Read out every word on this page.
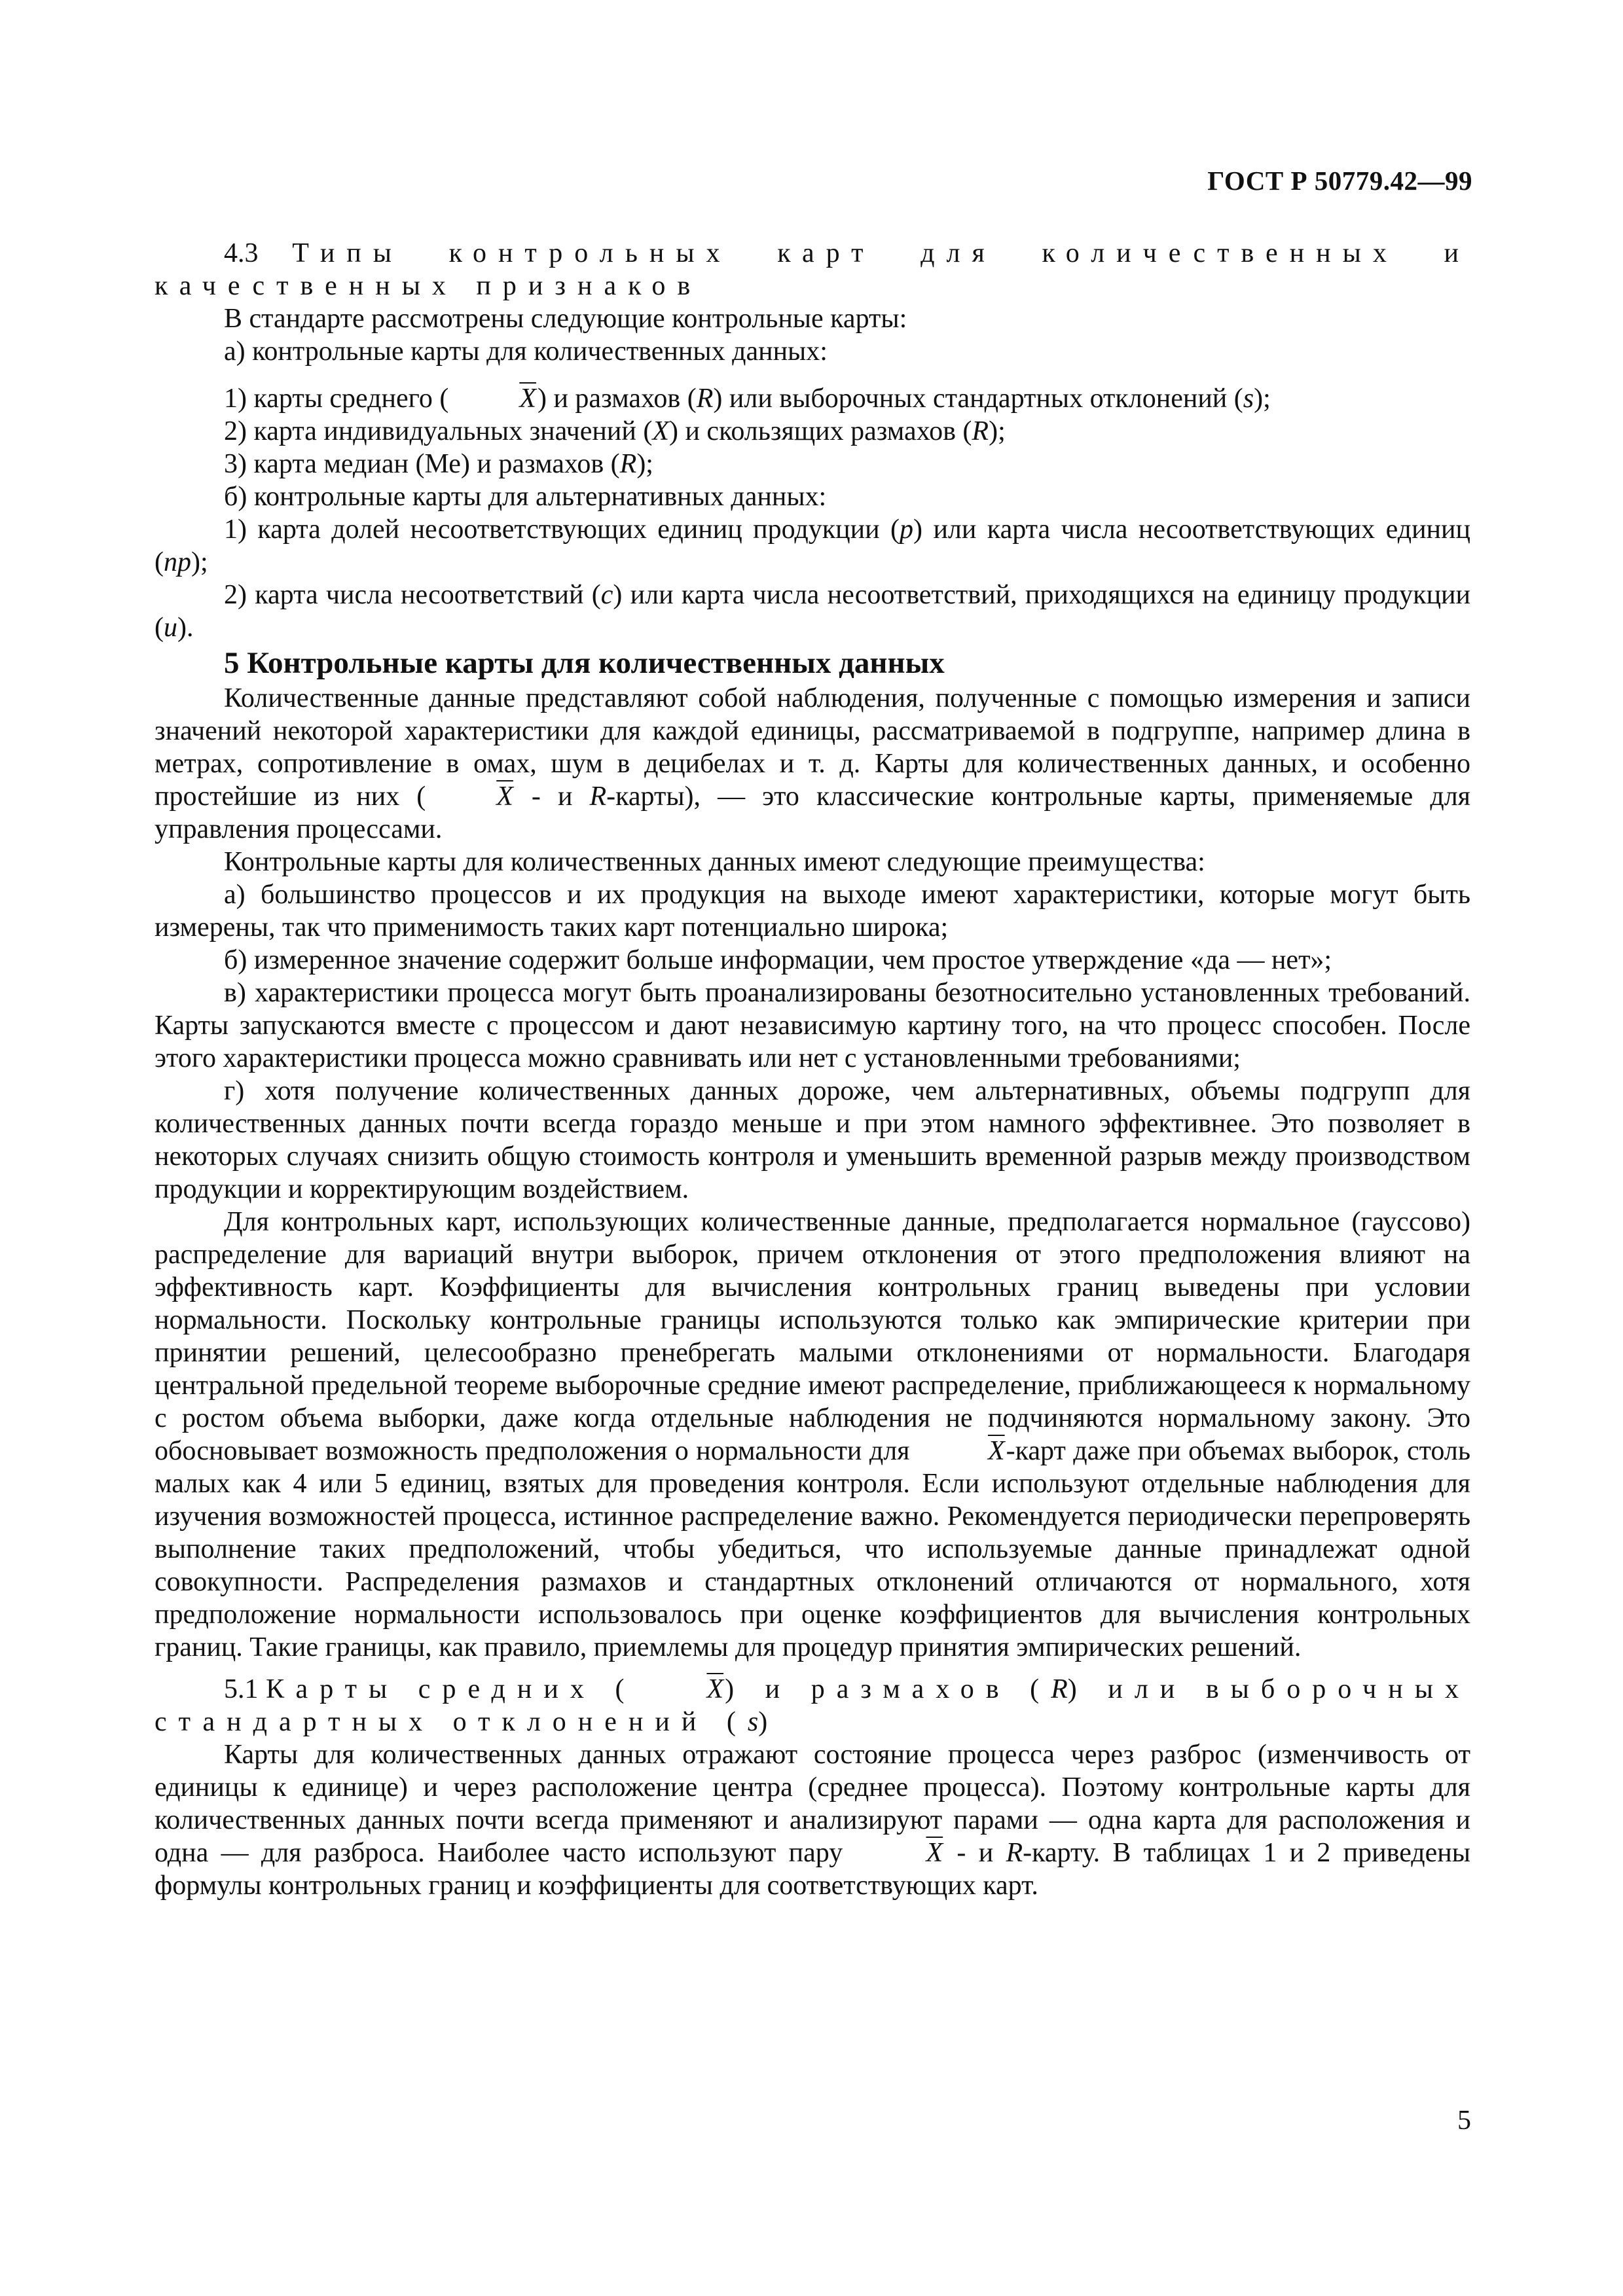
ГОСТ Р 50779.42—99

4.3 Типы контрольных карт для количественных и качественных признаков

В стандарте рассмотрены следующие контрольные карты:

а) контрольные карты для количественных данных:

1) карты среднего (	$\overline{X}$) и размахов (R) или выборочных стандартных отклонений (s);

2) карта индивидуальных значений (X) и скользящих размахов (R);

3) карта медиан (Ме) и размахов (R);

б) контрольные карты для альтернативных данных:

1) карта долей несоответствующих единиц продукции (p) или карта числа несоответствующих единиц (np);

2) карта числа несоответствий (c) или карта числа несоответствий, приходящихся на единицу продукции (u).

5 Контрольные карты для количественных данных

Количественные данные представляют собой наблюдения, полученные с помощью измерения и записи значений некоторой характеристики для каждой единицы, рассматриваемой в подгруппе, например длина в метрах, сопротивление в омах, шум в децибелах и т. д. Карты для количественных данных, и особенно простейшие из них (	$\overline{X}$ - и R-карты), — это классические контрольные карты, применяемые для управления процессами.

Контрольные карты для количественных данных имеют следующие преимущества:

а) большинство процессов и их продукция на выходе имеют характеристики, которые могут быть измерены, так что применимость таких карт потенциально широка;

б) измеренное значение содержит больше информации, чем простое утверждение «да — нет»;

в) характеристики процесса могут быть проанализированы безотносительно установленных требований. Карты запускаются вместе с процессом и дают независимую картину того, на что процесс способен. После этого характеристики процесса можно сравнивать или нет с установленными требованиями;

г) хотя получение количественных данных дороже, чем альтернативных, объемы подгрупп для количественных данных почти всегда гораздо меньше и при этом намного эффективнее. Это позволяет в некоторых случаях снизить общую стоимость контроля и уменьшить временной разрыв между производством продукции и корректирующим воздействием.

Для контрольных карт, использующих количественные данные, предполагается нормальное (гауссово) распределение для вариаций внутри выборок, причем отклонения от этого предположения влияют на эффективность карт. Коэффициенты для вычисления контрольных границ выведены при условии нормальности. Поскольку контрольные границы используются только как эмпирические критерии при принятии решений, целесообразно пренебрегать малыми отклонениями от нормальности. Благодаря центральной предельной теореме выборочные средние имеют распределение, приближающееся к нормальному с ростом объема выборки, даже когда отдельные наблюдения не подчиняются нормальному закону. Это обосновывает возможность предположения о нормальности для	$\overline{X}$-карт даже при объемах выборок, столь малых как 4 или 5 единиц, взятых для проведения контроля. Если используют отдельные наблюдения для изучения возможностей процесса, истинное распределение важно. Рекомендуется периодически перепроверять выполнение таких предположений, чтобы убедиться, что используемые данные принадлежат одной совокупности. Распределения размахов и стандартных отклонений отличаются от нормального, хотя предположение нормальности использовалось при оценке коэффициентов для вычисления контрольных границ. Такие границы, как правило, приемлемы для процедур принятия эмпирических решений.

5.1 Карты средних (	$\overline{X}$) и размахов (R) или выборочных стандартных отклонений (s)

Карты для количественных данных отражают состояние процесса через разброс (изменчивость от единицы к единице) и через расположение центра (среднее процесса). Поэтому контрольные карты для количественных данных почти всегда применяют и анализируют парами — одна карта для расположения и одна — для разброса. Наиболее часто используют пару	$\overline{X}$ - и R-карту. В таблицах 1 и 2 приведены формулы контрольных границ и коэффициенты для соответствующих карт.

5
